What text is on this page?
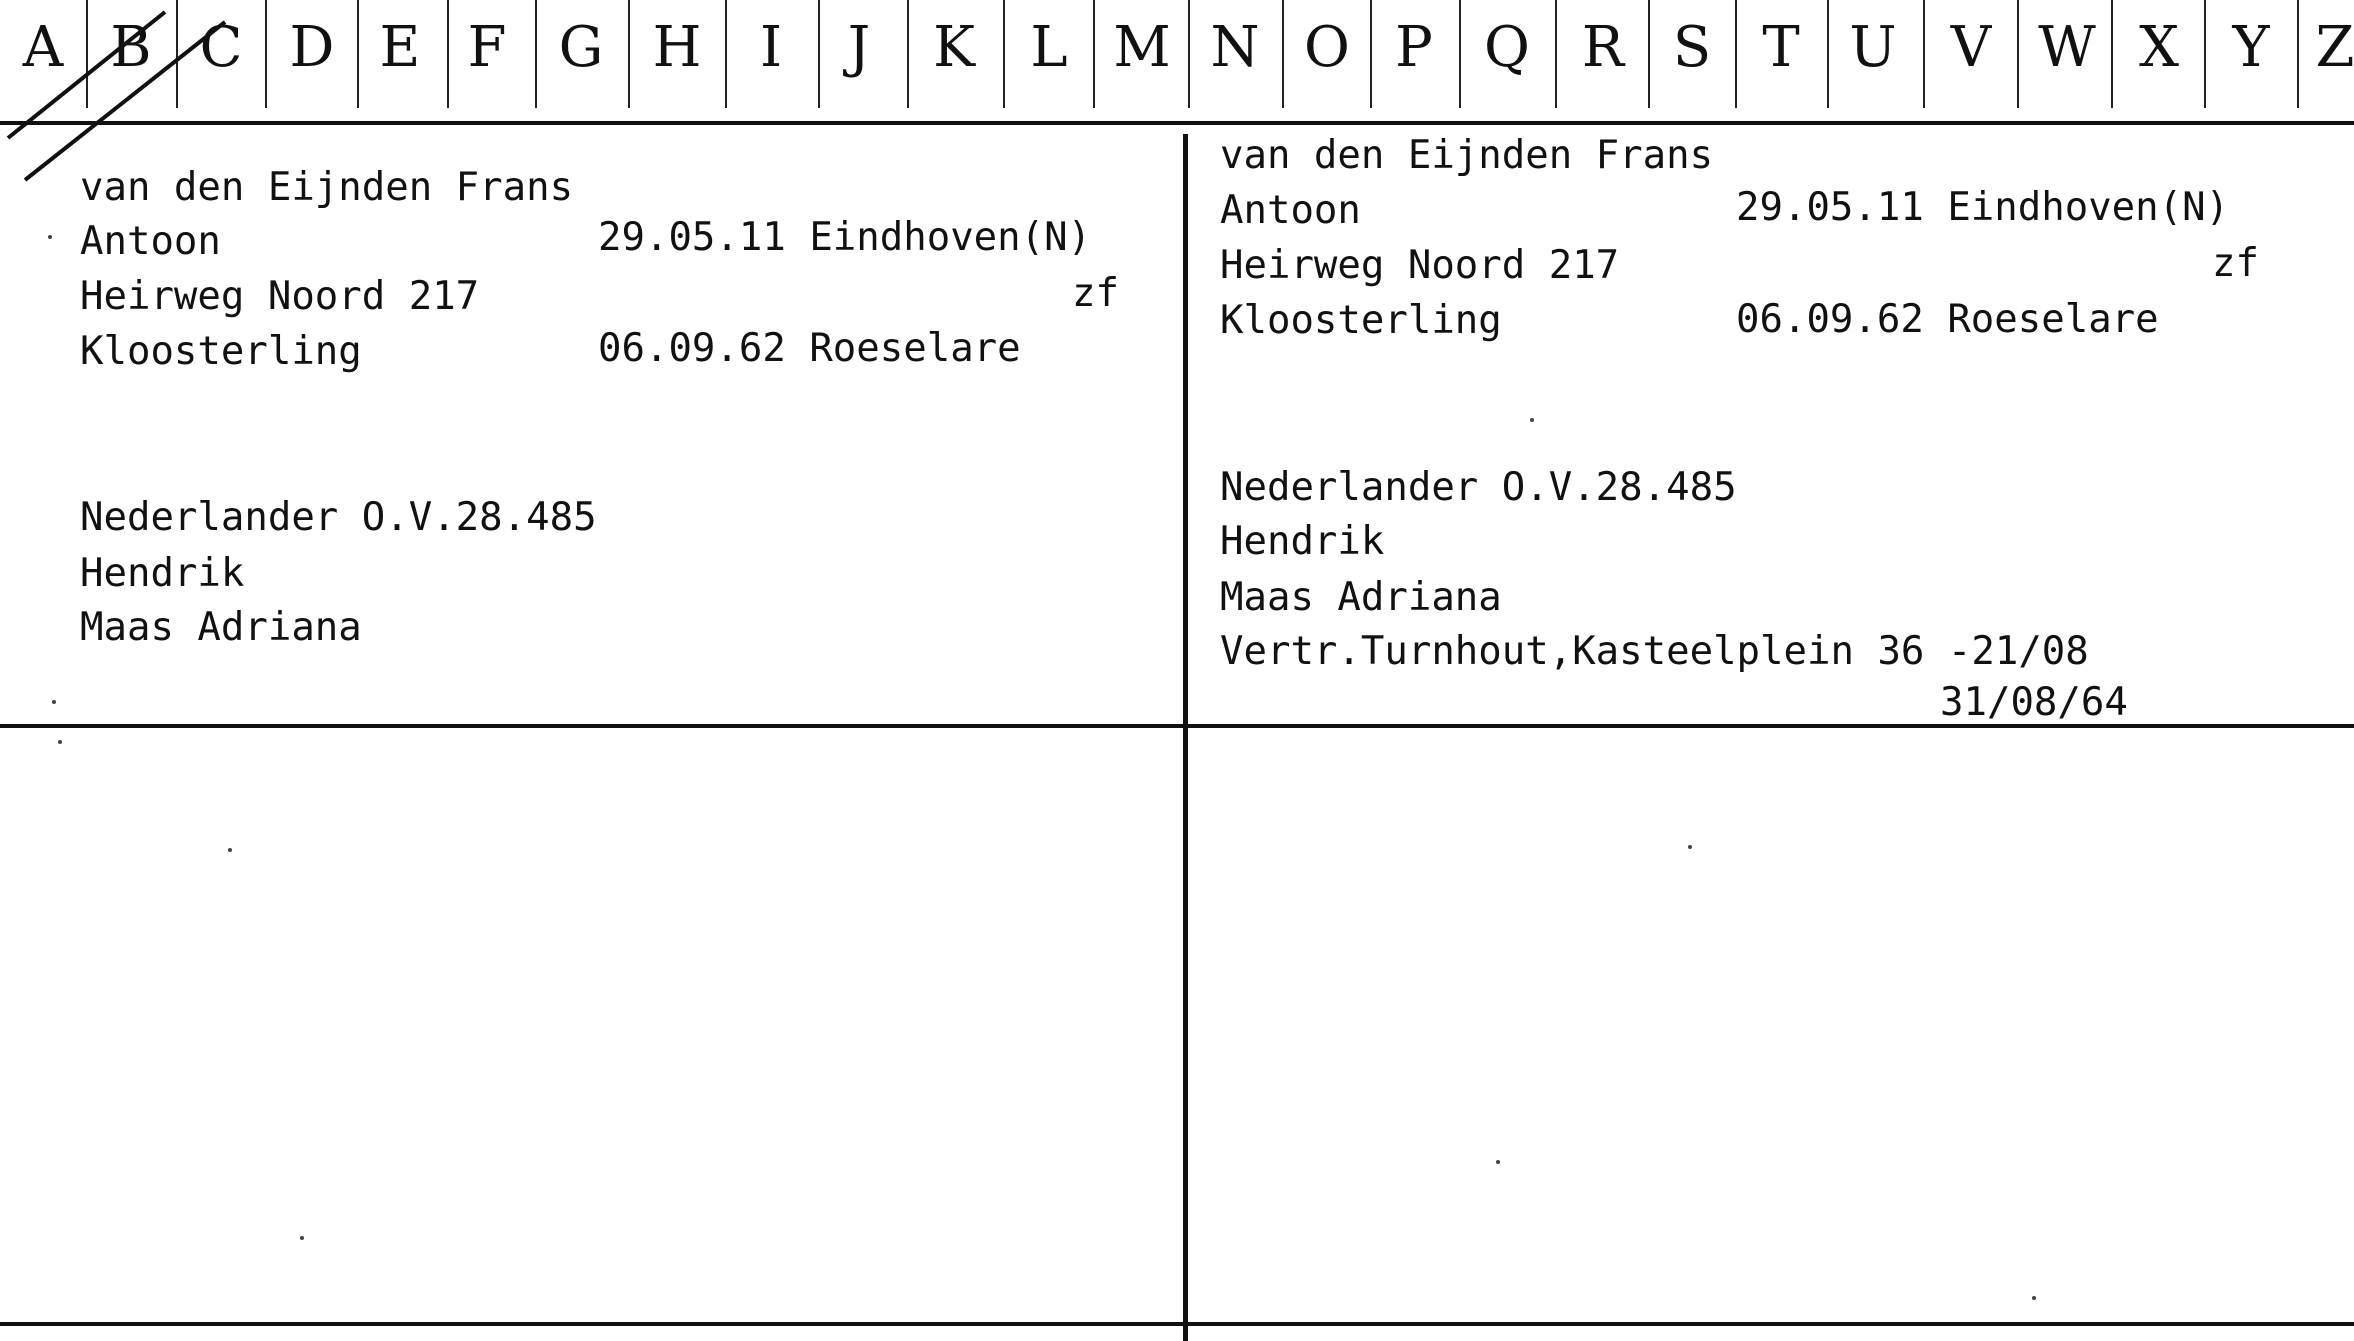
A B C D E F G H	I	J	K L M N O P Q R S T U V W X Y Z
van den Eijnden Frans
Antoon	29.05.11 Eindhoven(N)
Heirweg Noord 217	zf
Kloosterling	06.09.62 Roeselare
Nederlander O.V.28.485
Hendrik
Maas Adriana
van den Eijnden Frans
Antoon	29.05.11 Eindhoven(N)
Heirweg Noord 217	zf
Kloosterling	06.09.62 Roeselare
Nederlander O.V.28.485
Hendrik
Maas Adriana
Vertr.Turnhout,Kasteelplein 36 -21/08
31/08/64
